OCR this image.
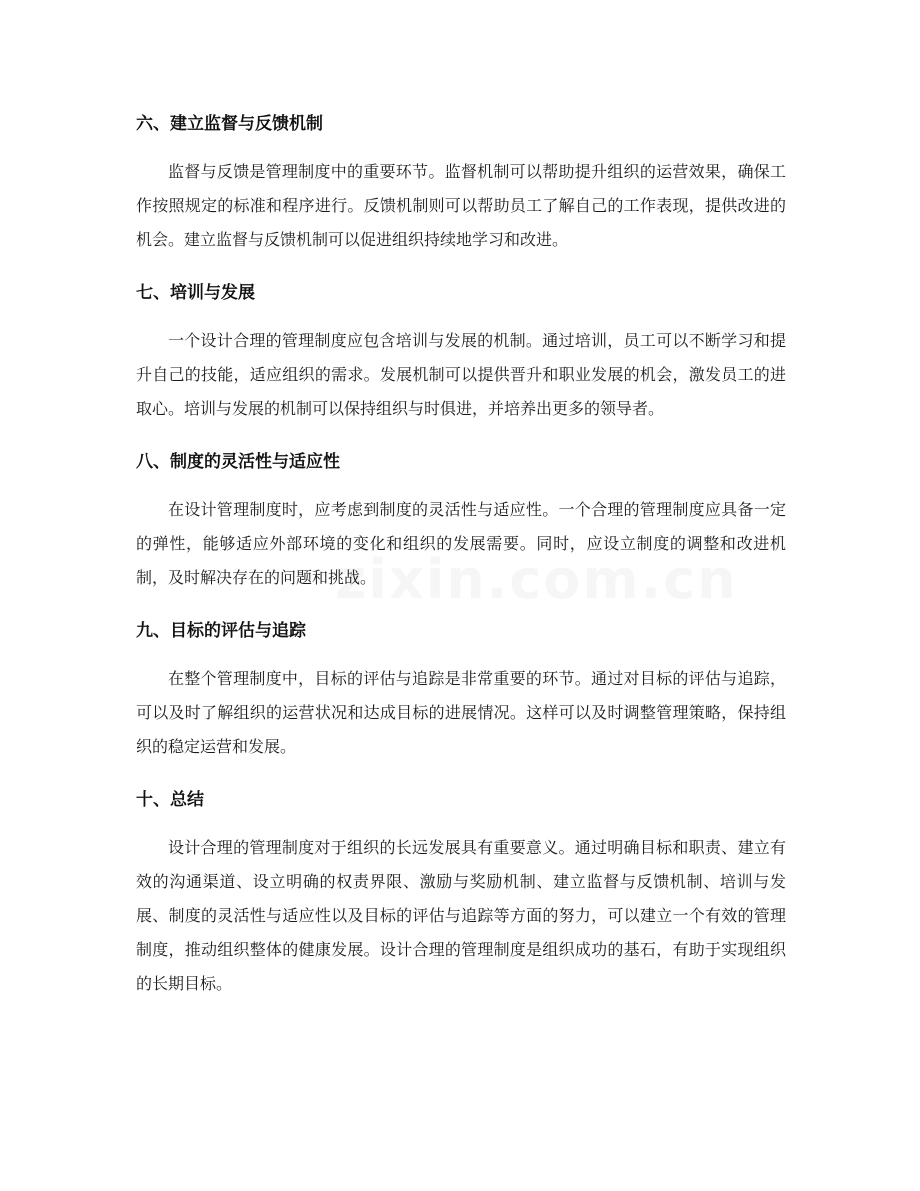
六、建立监督与反馈机制

监督与反馈是管理制度中的重要环节。监督机制可以帮助提升组织的运营效果，确保工作按照规定的标准和程序进行。反馈机制则可以帮助员工了解自己的工作表现，提供改进的机会。建立监督与反馈机制可以促进组织持续地学习和改进。

七、培训与发展

一个设计合理的管理制度应包含培训与发展的机制。通过培训，员工可以不断学习和提升自己的技能，适应组织的需求。发展机制可以提供晋升和职业发展的机会，激发员工的进取心。培训与发展的机制可以保持组织与时俱进，并培养出更多的领导者。

八、制度的灵活性与适应性

在设计管理制度时，应考虑到制度的灵活性与适应性。一个合理的管理制度应具备一定的弹性，能够适应外部环境的变化和组织的发展需要。同时，应设立制度的调整和改进机制，及时解决存在的问题和挑战。

九、目标的评估与追踪

在整个管理制度中，目标的评估与追踪是非常重要的环节。通过对目标的评估与追踪，可以及时了解组织的运营状况和达成目标的进展情况。这样可以及时调整管理策略，保持组织的稳定运营和发展。

十、总结

设计合理的管理制度对于组织的长远发展具有重要意义。通过明确目标和职责、建立有效的沟通渠道、设立明确的权责界限、激励与奖励机制、建立监督与反馈机制、培训与发展、制度的灵活性与适应性以及目标的评估与追踪等方面的努力，可以建立一个有效的管理制度，推动组织整体的健康发展。设计合理的管理制度是组织成功的基石，有助于实现组织的长期目标。
